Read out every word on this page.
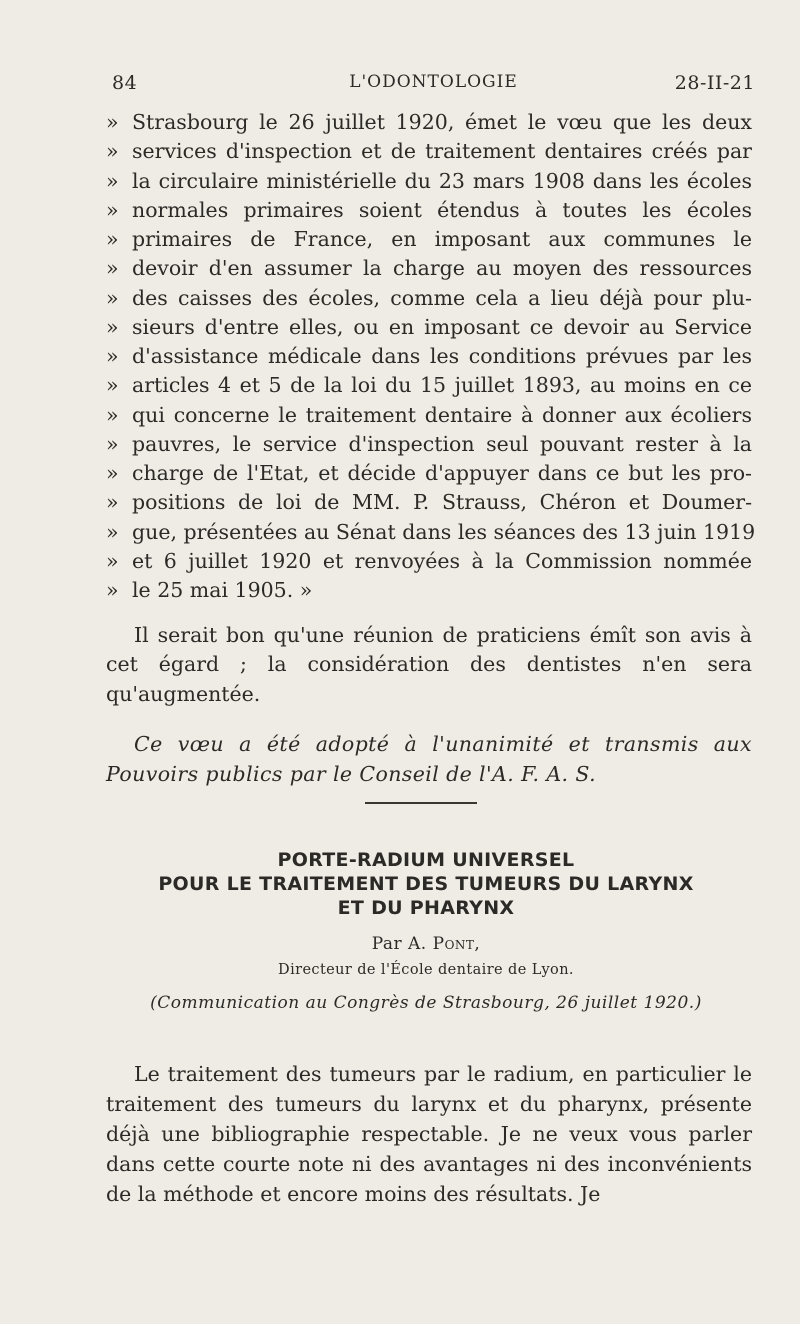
84	L'ODONTOLOGIE	28-II-21
» Strasbourg le 26 juillet 1920, émet le vœu que les deux
» services d'inspection et de traitement dentaires créés par
» la circulaire ministérielle du 23 mars 1908 dans les écoles
» normales primaires soient étendus à toutes les écoles
» primaires de France, en imposant aux communes le
» devoir d'en assumer la charge au moyen des ressources
» des caisses des écoles, comme cela a lieu déjà pour plu-
» sieurs d'entre elles, ou en imposant ce devoir au Service
» d'assistance médicale dans les conditions prévues par les
» articles 4 et 5 de la loi du 15 juillet 1893, au moins en ce
» qui concerne le traitement dentaire à donner aux écoliers
» pauvres, le service d'inspection seul pouvant rester à la
» charge de l'Etat, et décide d'appuyer dans ce but les pro-
» positions de loi de MM. P. Strauss, Chéron et Doumer-
» gue, présentées au Sénat dans les séances des 13 juin 1919
» et 6 juillet 1920 et renvoyées à la Commission nommée
» le 25 mai 1905. »

Il serait bon qu'une réunion de praticiens émît son avis à cet égard ; la considération des dentistes n'en sera qu'augmentée.

Ce vœu a été adopté à l'unanimité et transmis aux Pouvoirs publics par le Conseil de l'A. F. A. S.

PORTE-RADIUM UNIVERSEL
POUR LE TRAITEMENT DES TUMEURS DU LARYNX
ET DU PHARYNX
Par A. Pont,
Directeur de l'École dentaire de Lyon.
(Communication au Congrès de Strasbourg, 26 juillet 1920.)

Le traitement des tumeurs par le radium, en particulier le traitement des tumeurs du larynx et du pharynx, présente déjà une bibliographie respectable. Je ne veux vous parler dans cette courte note ni des avantages ni des inconvénients de la méthode et encore moins des résultats. Je
